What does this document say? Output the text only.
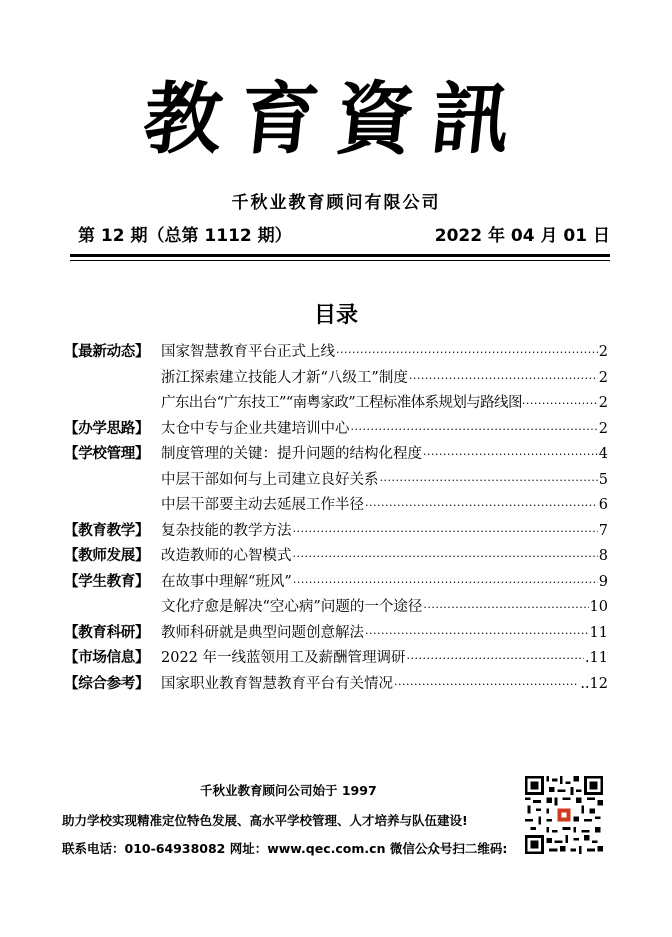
教育資訊
千秋业教育顾问有限公司
第 12 期（总第 1112 期）	2022 年 04 月 01 日
目录
【最新动态】 国家智慧教育平台正式上线 ·····	2
浙江探索建立技能人才新“八级工”制度 ·····	2
广东出台“广东技工”“南粤家政”工程标准体系规划与路线图 ·····	2
【办学思路】 太仓中专与企业共建培训中心 ·····	2
【学校管理】 制度管理的关键：提升问题的结构化程度 ·····	4
中层干部如何与上司建立良好关系 ·····	5
中层干部要主动去延展工作半径 ·····	6
【教育教学】 复杂技能的教学方法 ·····	7
【教师发展】 改造教师的心智模式 ·····	8
【学生教育】 在故事中理解“班风” ·····	9
文化疗愈是解决“空心病”问题的一个途径 ·····	10
【教育科研】 教师科研就是典型问题创意解法 ·····	11
【市场信息】 2022 年一线蓝领用工及薪酬管理调研 ·····	.11
【综合参考】 国家职业教育智慧教育平台有关情况 ·····	..12
千秋业教育顾问公司始于 1997
助力学校实现精准定位特色发展、高水平学校管理、人才培养与队伍建设!
联系电话：010-64938082 网址：www.qec.com.cn 微信公众号扫二维码:
